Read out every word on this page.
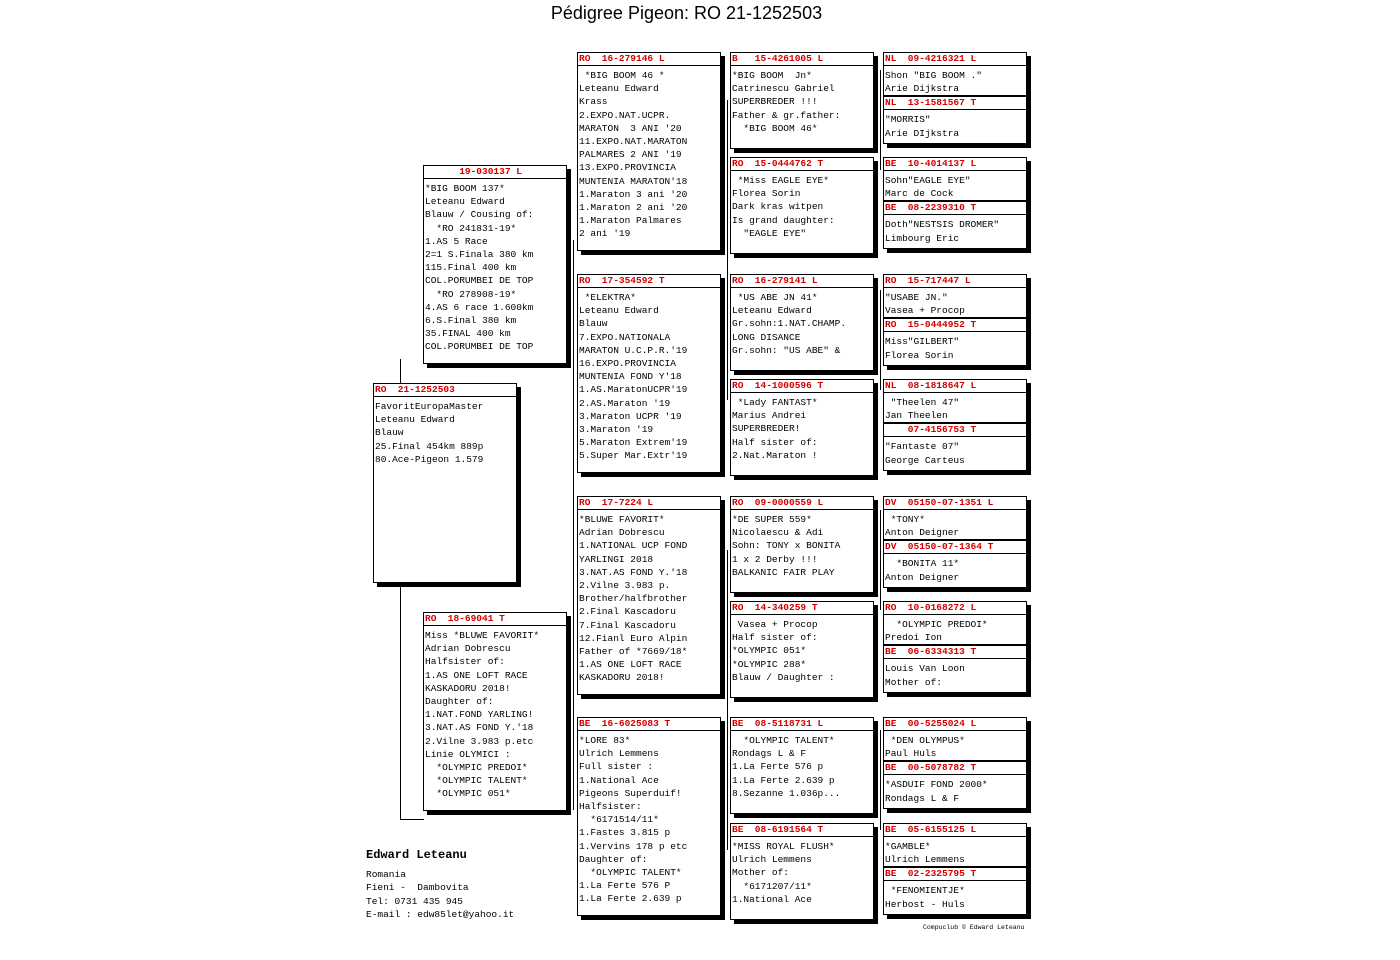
Pédigree Pigeon: RO 21-1252503
RO  21-1252503
FavoritEuropaMaster
Leteanu Edward
Blauw
25.Final 454km 889p
80.Ace-Pigeon 1.579
19-030137 L
*BIG BOOM 137*
Leteanu Edward
Blauw / Cousing of:
*RO 241831-19*
1.AS 5 Race
2=1 S.Finala 380 km
115.Final 400 km
COL.PORUMBEI DE TOP
*RO 278908-19*
4.AS 6 race 1.600km
6.S.Final 380 km
35.FINAL 400 km
COL.PORUMBEI DE TOP
RO  18-69041 T
Miss *BLUWE FAVORIT*
Adrian Dobrescu
Halfsister of:
1.AS ONE LOFT RACE
KASKADORU 2018!
Daughter of:
1.NAT.FOND YARLING!
3.NAT.AS FOND Y.'18
2.Vilne 3.983 p.etc
Linie OLYMICI :
*OLYMPIC PREDOI*
*OLYMPIC TALENT*
*OLYMPIC 051*
RO  16-279146 L
*BIG BOOM 46 *
Leteanu Edward
Krass
2.EXPO.NAT.UCPR.
MARATON  3 ANI '20
11.EXPO.NAT.MARATON
PALMARES 2 ANI '19
13.EXPO.PROVINCIA
MUNTENIA MARATON'18
1.Maraton 3 ani '20
1.Maraton 2 ani '20
1.Maraton Palmares
2 ani '19
RO  17-354592 T
*ELEKTRA*
Leteanu Edward
Blauw
7.EXPO.NATIONALA
MARATON U.C.P.R.'19
16.EXPO.PROVINCIA
MUNTENIA FOND Y'18
1.AS.MaratonUCPR'19
2.AS.Maraton '19
3.Maraton UCPR '19
3.Maraton '19
5.Maraton Extrem'19
5.Super Mar.Extr'19
RO  17-7224 L
*BLUWE FAVORIT*
Adrian Dobrescu
1.NATIONAL UCP FOND
YARLINGI 2018
3.NAT.AS FOND Y.'18
2.Vilne 3.983 p.
Brother/halfbrother
2.Final Kascadoru
7.Final Kascadoru
12.Fianl Euro Alpin
Father of *7669/18*
1.AS ONE LOFT RACE
KASKADORU 2018!
BE  16-6025083 T
*LORE 83*
Ulrich Lemmens
Full sister :
1.National Ace
Pigeons Superduif!
Halfsister:
*6171514/11*
1.Fastes 3.815 p
1.Vervins 178 p etc
Daughter of:
*OLYMPIC TALENT*
1.La Ferte 576 P
1.La Ferte 2.639 p
B   15-4261005 L
*BIG BOOM  Jn*
Catrinescu Gabriel
SUPERBREDER !!!
Father & gr.father:
*BIG BOOM 46*
RO  15-0444762 T
*Miss EAGLE EYE*
Florea Sorin
Dark kras witpen
Is grand daughter:
"EAGLE EYE"
RO  16-279141 L
*US ABE JN 41*
Leteanu Edward
Gr.sohn:1.NAT.CHAMP.
LONG DISANCE
Gr.sohn: "US ABE" &
RO  14-1000596 T
*Lady FANTAST*
Marius Andrei
SUPERBREDER!
Half sister of:
2.Nat.Maraton !
RO  09-0000559 L
*DE SUPER 559*
Nicolaescu & Adi
Sohn: TONY x BONITA
1 x 2 Derby !!!
BALKANIC FAIR PLAY
RO  14-340259 T
Vasea + Procop
Half sister of:
*OLYMPIC 051*
*OLYMPIC 288*
Blauw / Daughter :
BE  08-5118731 L
*OLYMPIC TALENT*
Rondags L & F
1.La Ferte 576 p
1.La Ferte 2.639 p
8.Sezanne 1.036p...
BE  08-6191564 T
*MISS ROYAL FLUSH*
Ulrich Lemmens
Mother of:
*6171207/11*
1.National Ace
NL  09-4216321 L
Shon "BIG BOOM ."
Arie Dijkstra
NL  13-1581567 T
"MORRIS"
Arie DIjkstra
BE  10-4014137 L
Sohn"EAGLE EYE"
Marc de Cock
BE  08-2239310 T
Doth"NESTSIS DROMER"
Limbourg Eric
RO  15-717447 L
"USABE JN."
Vasea + Procop
RO  15-0444952 T
Miss"GILBERT"
Florea Sorin
NL  08-1818647 L
"Theelen 47"
Jan Theelen
07-4156753 T
"Fantaste 07"
George Carteus
DV  05150-07-1351 L
*TONY*
Anton Deigner
DV  05150-07-1364 T
*BONITA 11*
Anton Deigner
RO  10-0168272 L
*OLYMPIC PREDOI*
Predoi Ion
BE  06-6334313 T
Louis Van Loon
Mother of:
BE  00-5255024 L
*DEN OLYMPUS*
Paul Huls
BE  00-5078782 T
*ASDUIF FOND 2000*
Rondags L & F
BE  05-6155125 L
*GAMBLE*
Ulrich Lemmens
BE  02-2325795 T
*FENOMIENTJE*
Herbost - Huls
Edward Leteanu
Romania
Fieni -  Dambovita
Tel: 0731 435 945
E-mail : edw85let@yahoo.it
Compuclub © Edward Leteanu
